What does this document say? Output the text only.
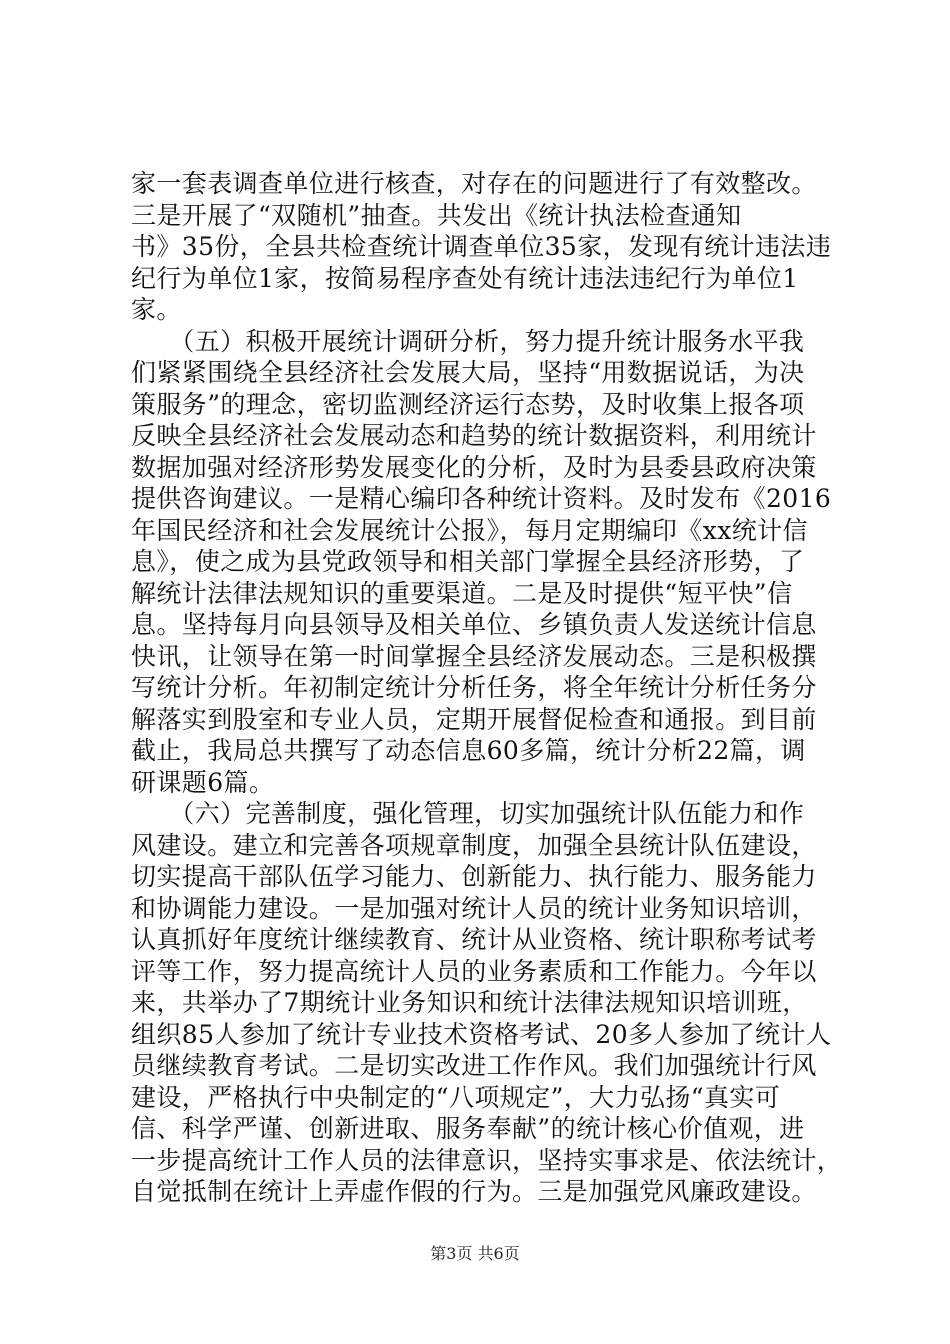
家一套表调查单位进行核查，对存在的问题进行了有效整改。
三是开展了“双随机”抽查。共发出《统计执法检查通知
书》35份，全县共检查统计调查单位35家，发现有统计违法违
纪行为单位1家，按简易程序查处有统计违法违纪行为单位1
家。
　　（五）积极开展统计调研分析，努力提升统计服务水平我
们紧紧围绕全县经济社会发展大局，坚持“用数据说话，为决
策服务”的理念，密切监测经济运行态势，及时收集上报各项
反映全县经济社会发展动态和趋势的统计数据资料，利用统计
数据加强对经济形势发展变化的分析，及时为县委县政府决策
提供咨询建议。一是精心编印各种统计资料。及时发布《2016
年国民经济和社会发展统计公报》，每月定期编印《xx统计信
息》，使之成为县党政领导和相关部门掌握全县经济形势，了
解统计法律法规知识的重要渠道。二是及时提供“短平快”信
息。坚持每月向县领导及相关单位、乡镇负责人发送统计信息
快讯，让领导在第一时间掌握全县经济发展动态。三是积极撰
写统计分析。年初制定统计分析任务，将全年统计分析任务分
解落实到股室和专业人员，定期开展督促检查和通报。到目前
截止，我局总共撰写了动态信息60多篇，统计分析22篇，调
研课题6篇。
　　（六）完善制度，强化管理，切实加强统计队伍能力和作
风建设。建立和完善各项规章制度，加强全县统计队伍建设，
切实提高干部队伍学习能力、创新能力、执行能力、服务能力
和协调能力建设。一是加强对统计人员的统计业务知识培训，
认真抓好年度统计继续教育、统计从业资格、统计职称考试考
评等工作，努力提高统计人员的业务素质和工作能力。今年以
来，共举办了7期统计业务知识和统计法律法规知识培训班，
组织85人参加了统计专业技术资格考试、20多人参加了统计人
员继续教育考试。二是切实改进工作作风。我们加强统计行风
建设，严格执行中央制定的“八项规定”，大力弘扬“真实可
信、科学严谨、创新进取、服务奉献”的统计核心价值观，进
一步提高统计工作人员的法律意识，坚持实事求是、依法统计，
自觉抵制在统计上弄虚作假的行为。三是加强党风廉政建设。
第3页 共6页
